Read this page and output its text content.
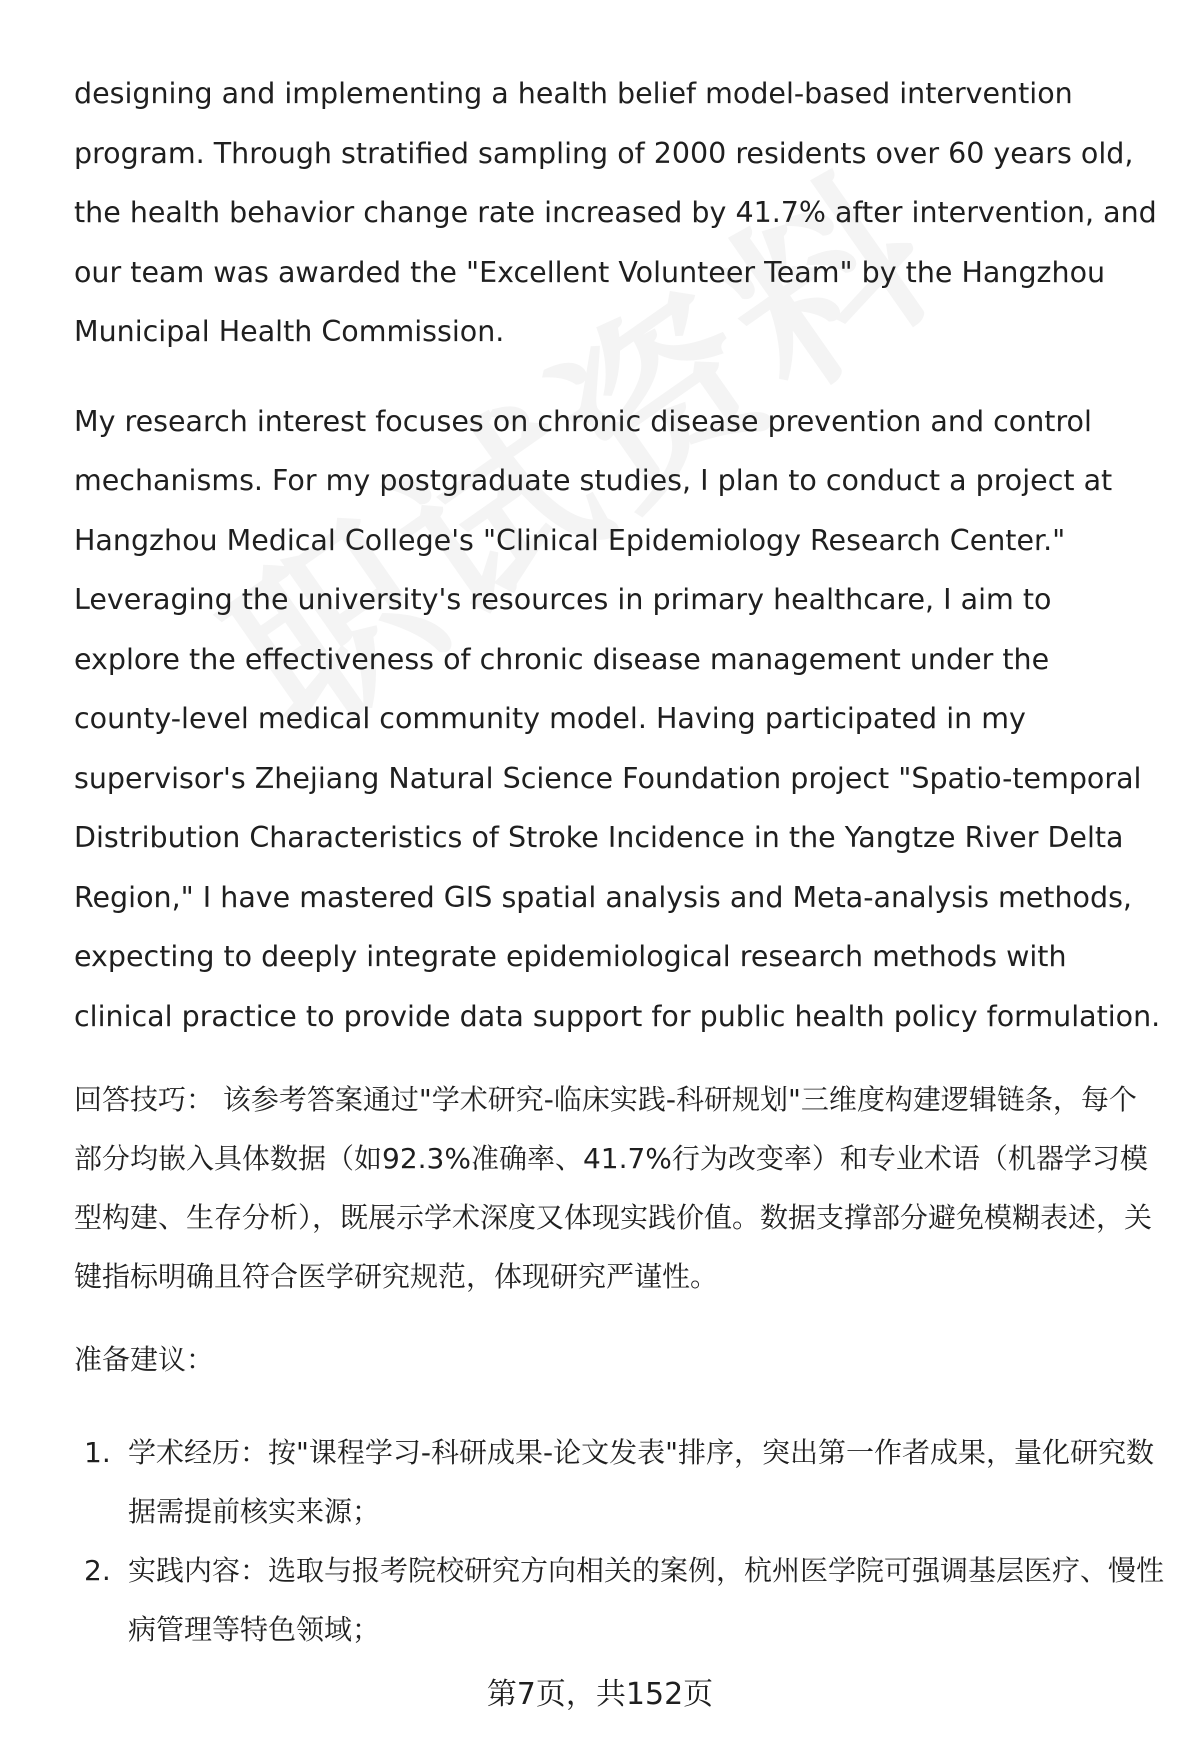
designing and implementing a health belief model-based intervention program. Through stratified sampling of 2000 residents over 60 years old, the health behavior change rate increased by 41.7% after intervention, and our team was awarded the "Excellent Volunteer Team" by the Hangzhou Municipal Health Commission.

My research interest focuses on chronic disease prevention and control mechanisms. For my postgraduate studies, I plan to conduct a project at Hangzhou Medical College's "Clinical Epidemiology Research Center." Leveraging the university's resources in primary healthcare, I aim to explore the effectiveness of chronic disease management under the county-level medical community model. Having participated in my supervisor's Zhejiang Natural Science Foundation project "Spatio-temporal Distribution Characteristics of Stroke Incidence in the Yangtze River Delta Region," I have mastered GIS spatial analysis and Meta-analysis methods, expecting to deeply integrate epidemiological research methods with clinical practice to provide data support for public health policy formulation.

回答技巧： 该参考答案通过"学术研究-临床实践-科研规划"三维度构建逻辑链条，每个部分均嵌入具体数据（如92.3%准确率、41.7%行为改变率）和专业术语（机器学习模型构建、生存分析），既展示学术深度又体现实践价值。数据支撑部分避免模糊表述，关键指标明确且符合医学研究规范，体现研究严谨性。

准备建议：

1. 学术经历：按"课程学习-科研成果-论文发表"排序，突出第一作者成果，量化研究数据需提前核实来源；
2. 实践内容：选取与报考院校研究方向相关的案例，杭州医学院可强调基层医疗、慢性病管理等特色领域；
第7页，共152页
